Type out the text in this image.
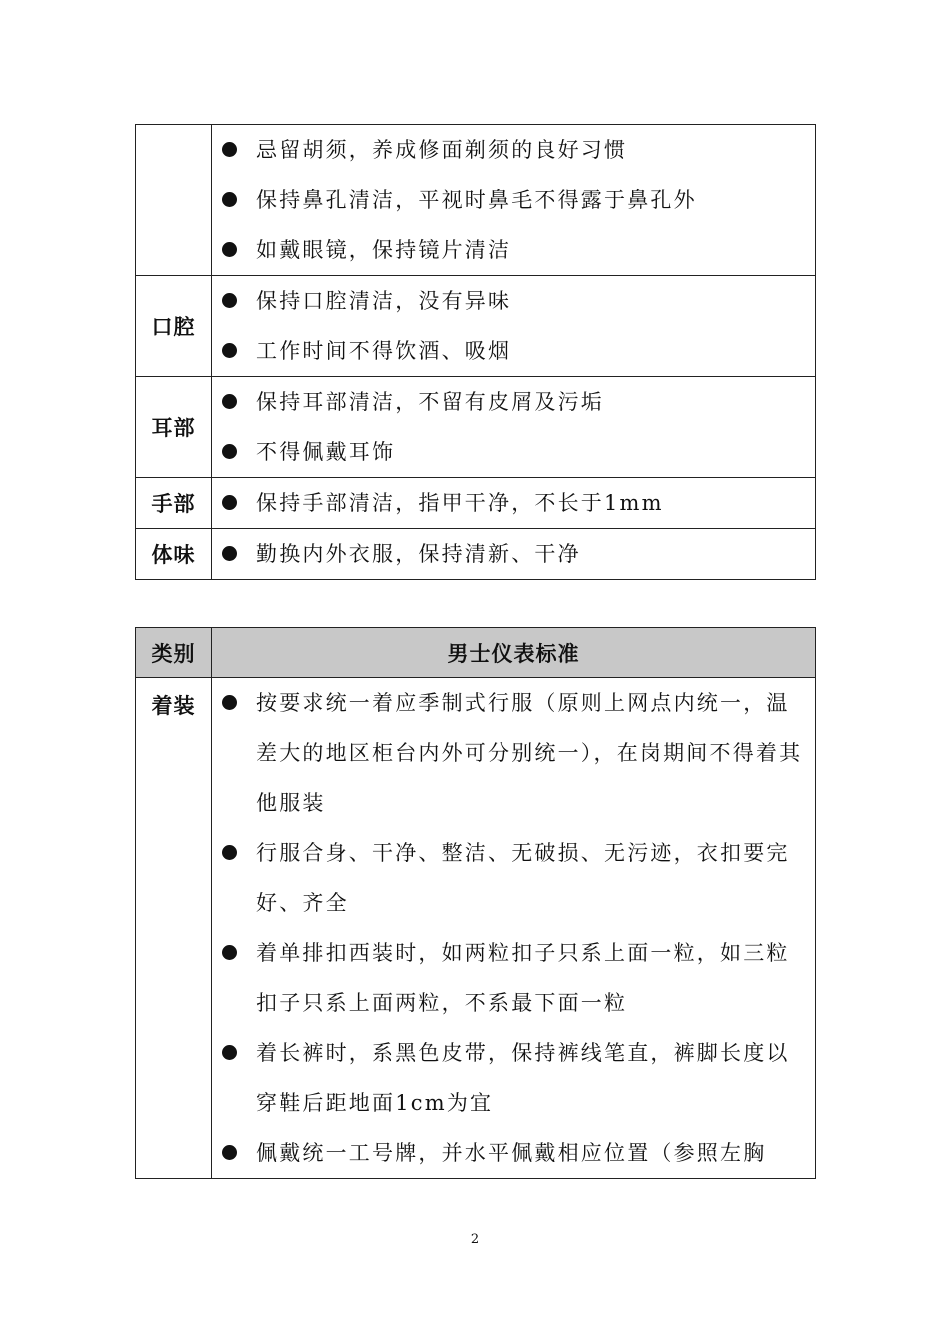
忌留胡须，养成修面剃须的良好习惯
保持鼻孔清洁，平视时鼻毛不得露于鼻孔外
如戴眼镜，保持镜片清洁

口腔	保持口腔清洁，没有异味
工作时间不得饮酒、吸烟

耳部	保持耳部清洁，不留有皮屑及污垢
不得佩戴耳饰

手部	保持手部清洁，指甲干净，不长于1mm

体味	勤换内外衣服，保持清新、干净
类别	男士仪表标准
着装	按要求统一着应季制式行服（原则上网点内统一，温差大的地区柜台内外可分别统一），在岗期间不得着其他服装
行服合身、干净、整洁、无破损、无污迹，衣扣要完好、齐全
着单排扣西装时，如两粒扣子只系上面一粒，如三粒扣子只系上面两粒，不系最下面一粒
着长裤时，系黑色皮带，保持裤线笔直，裤脚长度以穿鞋后距地面1cm为宜
佩戴统一工号牌，并水平佩戴相应位置（参照左胸
2
